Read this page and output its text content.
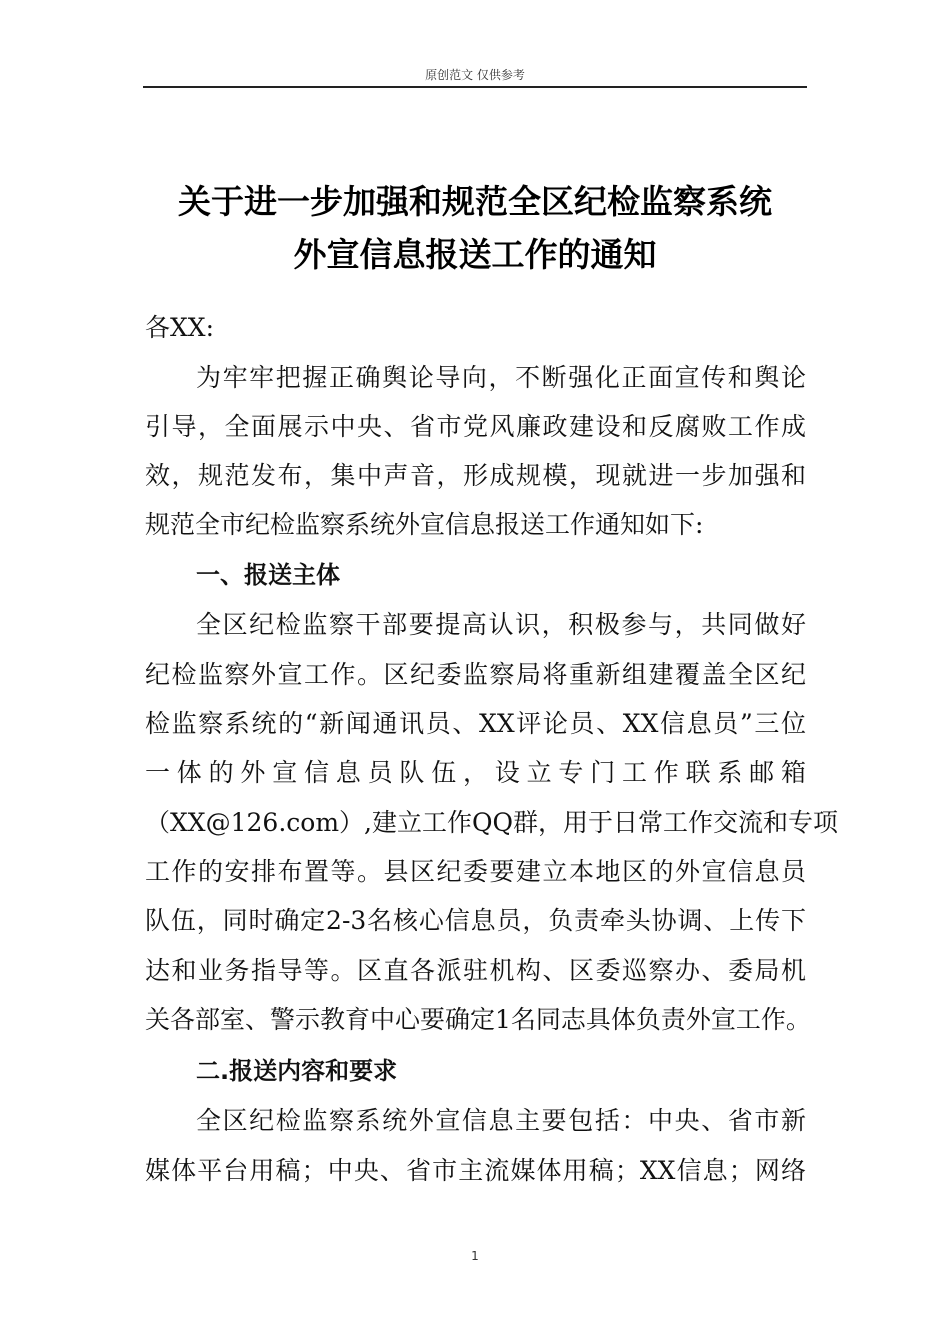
原创范文 仅供参考
关于进一步加强和规范全区纪检监察系统
外宣信息报送工作的通知
各XX:
为牢牢把握正确舆论导向，不断强化正面宣传和舆论
引导，全面展示中央、省市党风廉政建设和反腐败工作成
效，规范发布，集中声音，形成规模，现就进一步加强和
规范全市纪检监察系统外宣信息报送工作通知如下:
一、报送主体
全区纪检监察干部要提高认识，积极参与，共同做好
纪检监察外宣工作。区纪委监察局将重新组建覆盖全区纪
检监察系统的“新闻通讯员、XX评论员、XX信息员”三位
一体的外宣信息员队伍，设立专门工作联系邮箱
（XX@126.com）,建立工作QQ群，用于日常工作交流和专项
工作的安排布置等。县区纪委要建立本地区的外宣信息员
队伍，同时确定2-3名核心信息员，负责牵头协调、上传下
达和业务指导等。区直各派驻机构、区委巡察办、委局机
关各部室、警示教育中心要确定1名同志具体负责外宣工作。
二.报送内容和要求
全区纪检监察系统外宣信息主要包括：中央、省市新
媒体平台用稿；中央、省市主流媒体用稿；XX信息；网络
1
